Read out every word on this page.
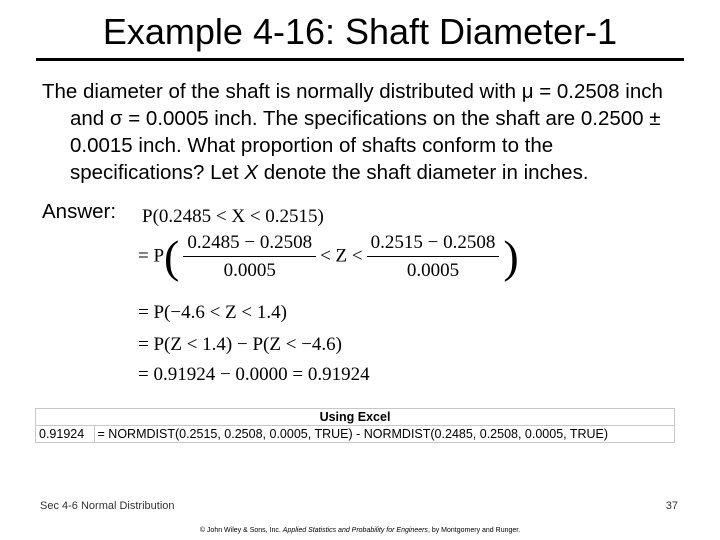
Example 4-16: Shaft Diameter-1

The diameter of the shaft is normally distributed with μ = 0.2508 inch and σ = 0.0005 inch. The specifications on the shaft are 0.2500 ± 0.0015 inch. What proportion of shafts conform to the specifications? Let X denote the shaft diameter in inches.

Answer: P(0.2485 < X < 0.2515)
= $P( \frac{0.2485 - 0.2508}{0.0005} < Z < \frac{0.2515 - 0.2508}{0.0005}$ )
= P(−4.6 < Z < 1.4)
= P(Z < 1.4) − P(Z < −4.6)
= 0.91924 − 0.0000 = 0.91924
Using Excel
0.91924	= NORMDIST(0.2515, 0.2508, 0.0005, TRUE) - NORMDIST(0.2485, 0.2508, 0.0005, TRUE)
Sec 4-6 Normal Distribution	37
© John Wiley & Sons, Inc. Applied Statistics and Probability for Engineers, by Montgomery and Runger.
